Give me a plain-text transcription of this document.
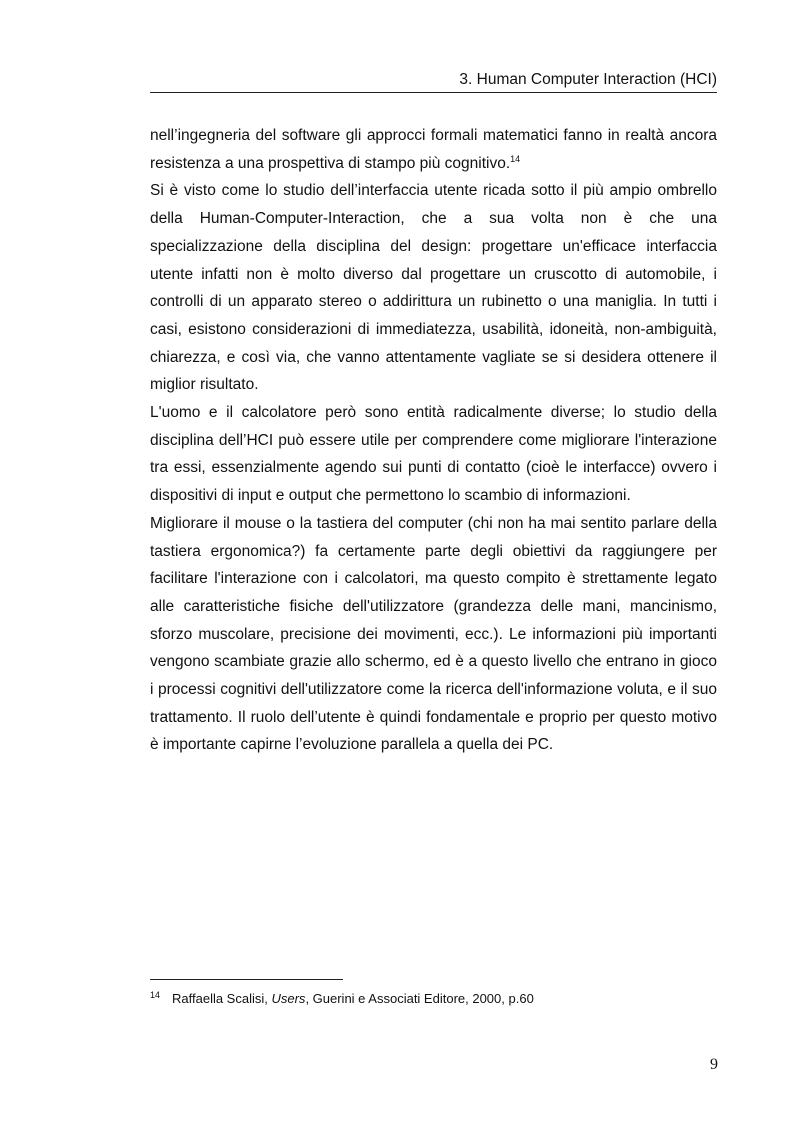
3. Human Computer Interaction (HCI)

nell’ingegneria del software gli approcci formali matematici fanno in realtà ancora resistenza a una prospettiva di stampo più cognitivo.$^{14}$

Si è visto come lo studio dell’interfaccia utente ricada sotto il più ampio ombrello della Human-Computer-Interaction, che a sua volta non è che una specializzazione della disciplina del design: progettare un'efficace interfaccia utente infatti non è molto diverso dal progettare un cruscotto di automobile, i controlli di un apparato stereo o addirittura un rubinetto o una maniglia. In tutti i casi, esistono considerazioni di immediatezza, usabilità, idoneità, non-ambiguità, chiarezza, e così via, che vanno attentamente vagliate se si desidera ottenere il miglior risultato.

L'uomo e il calcolatore però sono entità radicalmente diverse; lo studio della disciplina dell’HCI può essere utile per comprendere come migliorare l'interazione tra essi, essenzialmente agendo sui punti di contatto (cioè le interfacce) ovvero i dispositivi di input e output che permettono lo scambio di informazioni.

Migliorare il mouse o la tastiera del computer (chi non ha mai sentito parlare della tastiera ergonomica?) fa certamente parte degli obiettivi da raggiungere per facilitare l'interazione con i calcolatori, ma questo compito è strettamente legato alle caratteristiche fisiche dell'utilizzatore (grandezza delle mani, mancinismo, sforzo muscolare, precisione dei movimenti, ecc.). Le informazioni più importanti vengono scambiate grazie allo schermo, ed è a questo livello che entrano in gioco i processi cognitivi dell'utilizzatore come la ricerca dell'informazione voluta, e il suo trattamento. Il ruolo dell’utente è quindi fondamentale e proprio per questo motivo è importante capirne l’evoluzione parallela a quella dei PC.

14 Raffaella Scalisi, Users, Guerini e Associati Editore, 2000, p.60
9
